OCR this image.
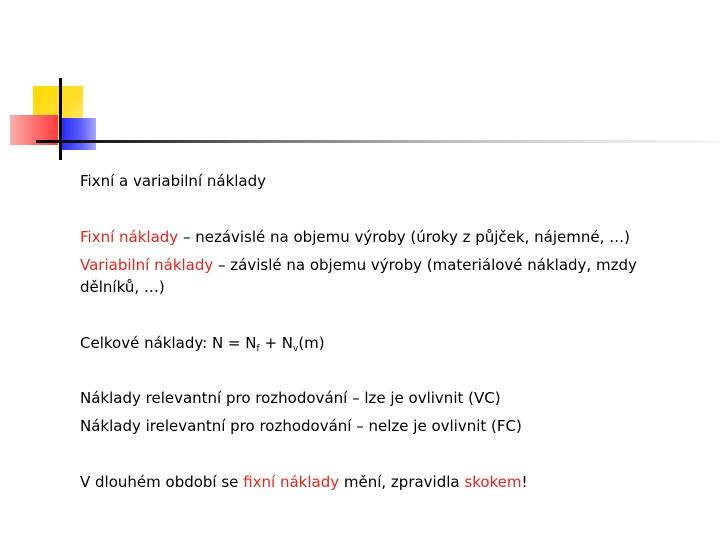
Fixní a variabilní náklady

Fixní náklady – nezávislé na objemu výroby (úroky z půjček, nájemné, …)

Variabilní náklady – závislé na objemu výroby (materiálové náklady, mzdy

dělníků, …)

Celkové náklady: $N = N_f + N_v(m)$

Náklady relevantní pro rozhodování – lze je ovlivnit (VC)

Náklady irelevantní pro rozhodování – nelze je ovlivnit (FC)

V dlouhém období se fixní náklady mění, zpravidla skokem!
